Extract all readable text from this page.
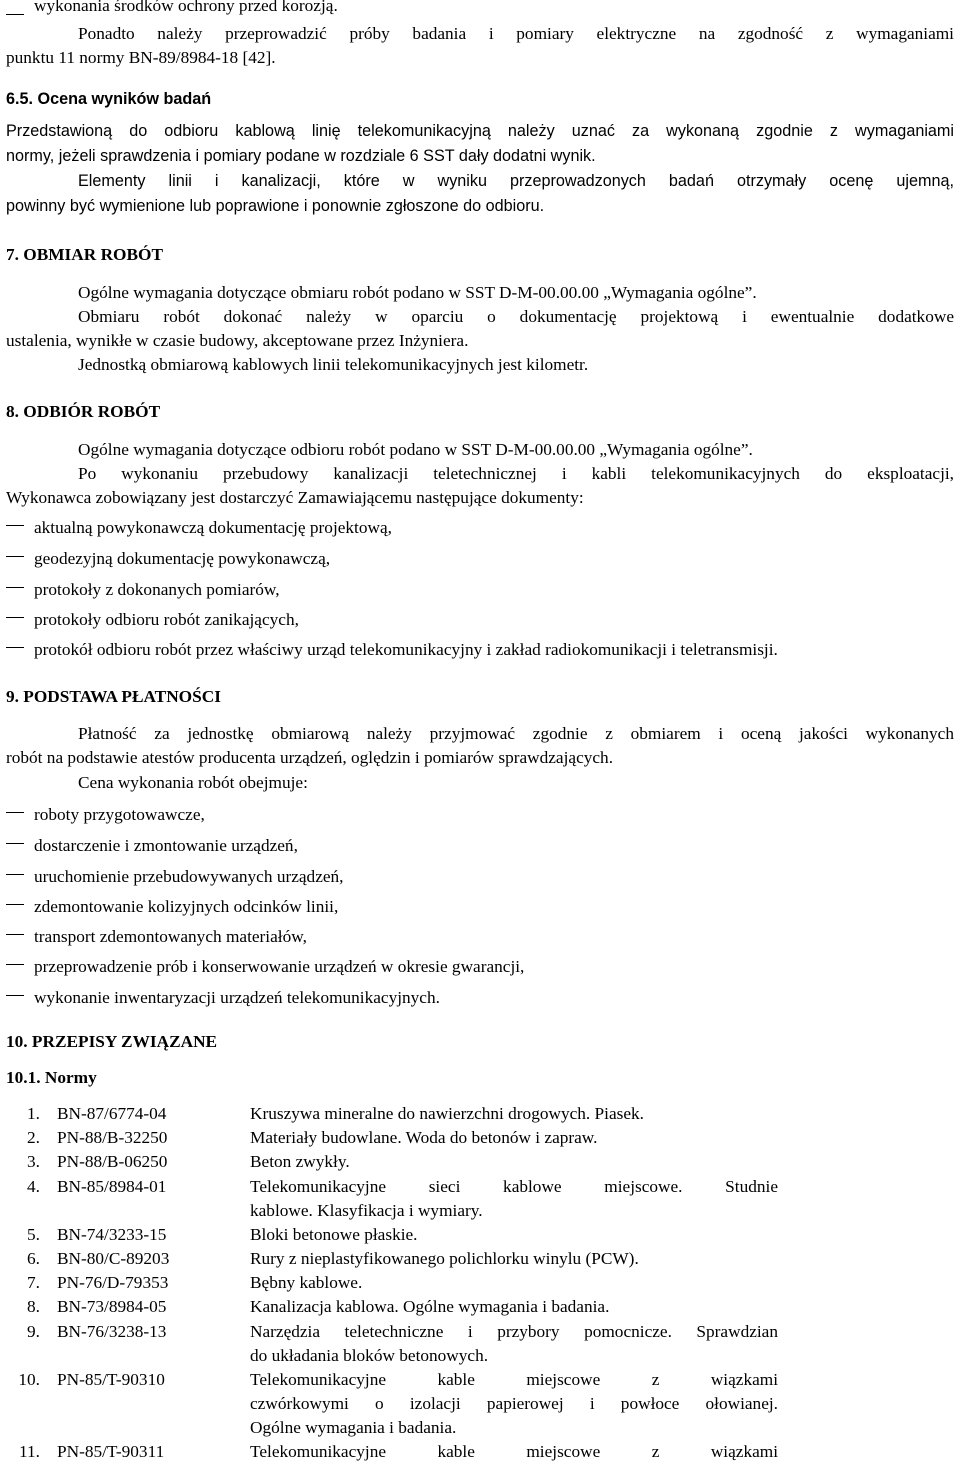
wykonania środków ochrony przed korozją.
Ponadto należy przeprowadzić próby badania i pomiary elektryczne na zgodność z wymaganiami
punktu 11 normy BN-89/8984-18 [42].
6.5. Ocena wyników badań
Przedstawioną do odbioru kablową linię telekomunikacyjną należy uznać za wykonaną zgodnie z wymaganiami
normy, jeżeli sprawdzenia i pomiary podane w rozdziale 6 SST dały dodatni wynik.
Elementy linii i kanalizacji, które w wyniku przeprowadzonych badań otrzymały ocenę ujemną,
powinny być wymienione lub poprawione i ponownie zgłoszone do odbioru.
7. OBMIAR ROBÓT
Ogólne wymagania dotyczące obmiaru robót podano w SST D-M-00.00.00 „Wymagania ogólne”.
Obmiaru robót dokonać należy w oparciu o dokumentację projektową i ewentualnie dodatkowe
ustalenia, wynikłe w czasie budowy, akceptowane przez Inżyniera.
Jednostką obmiarową kablowych linii telekomunikacyjnych jest kilometr.
8. ODBIÓR ROBÓT
Ogólne wymagania dotyczące odbioru robót podano w SST D-M-00.00.00 „Wymagania ogólne”.
Po wykonaniu przebudowy kanalizacji teletechnicznej i kabli telekomunikacyjnych do eksploatacji,
Wykonawca zobowiązany jest dostarczyć Zamawiającemu następujące dokumenty:
aktualną powykonawczą dokumentację projektową,
geodezyjną dokumentację powykonawczą,
protokoły z dokonanych pomiarów,
protokoły odbioru robót zanikających,
protokół odbioru robót przez właściwy urząd telekomunikacyjny i zakład radiokomunikacji i teletransmisji.
9. PODSTAWA PŁATNOŚCI
Płatność za jednostkę obmiarową należy przyjmować zgodnie z obmiarem i oceną jakości wykonanych
robót na podstawie atestów producenta urządzeń, oględzin i pomiarów sprawdzających.
Cena wykonania robót obejmuje:
roboty przygotowawcze,
dostarczenie i zmontowanie urządzeń,
uruchomienie przebudowywanych urządzeń,
zdemontowanie kolizyjnych odcinków linii,
transport zdemontowanych materiałów,
przeprowadzenie prób i konserwowanie urządzeń w okresie gwarancji,
wykonanie inwentaryzacji urządzeń telekomunikacyjnych.
10. PRZEPISY ZWIĄZANE
10.1. Normy
1. BN-87/6774-04	Kruszywa mineralne do nawierzchni drogowych. Piasek.
2. PN-88/B-32250	Materiały budowlane. Woda do betonów i zapraw.
3. PN-88/B-06250	Beton zwykły.
4. BN-85/8984-01	Telekomunikacyjne sieci kablowe miejscowe. Studnie
kablowe. Klasyfikacja i wymiary.
5. BN-74/3233-15	Bloki betonowe płaskie.
6. BN-80/C-89203	Rury z nieplastyfikowanego polichlorku winylu (PCW).
7. PN-76/D-79353	Bębny kablowe.
8. BN-73/8984-05	Kanalizacja kablowa. Ogólne wymagania i badania.
9. BN-76/3238-13	Narzędzia teletechniczne i przybory pomocnicze. Sprawdzian
do układania bloków betonowych.
10. PN-85/T-90310	Telekomunikacyjne kable miejscowe z wiązkami
czwórkowymi o izolacji papierowej i powłoce ołowianej.
Ogólne wymagania i badania.
11. PN-85/T-90311	Telekomunikacyjne kable miejscowe z wiązkami
